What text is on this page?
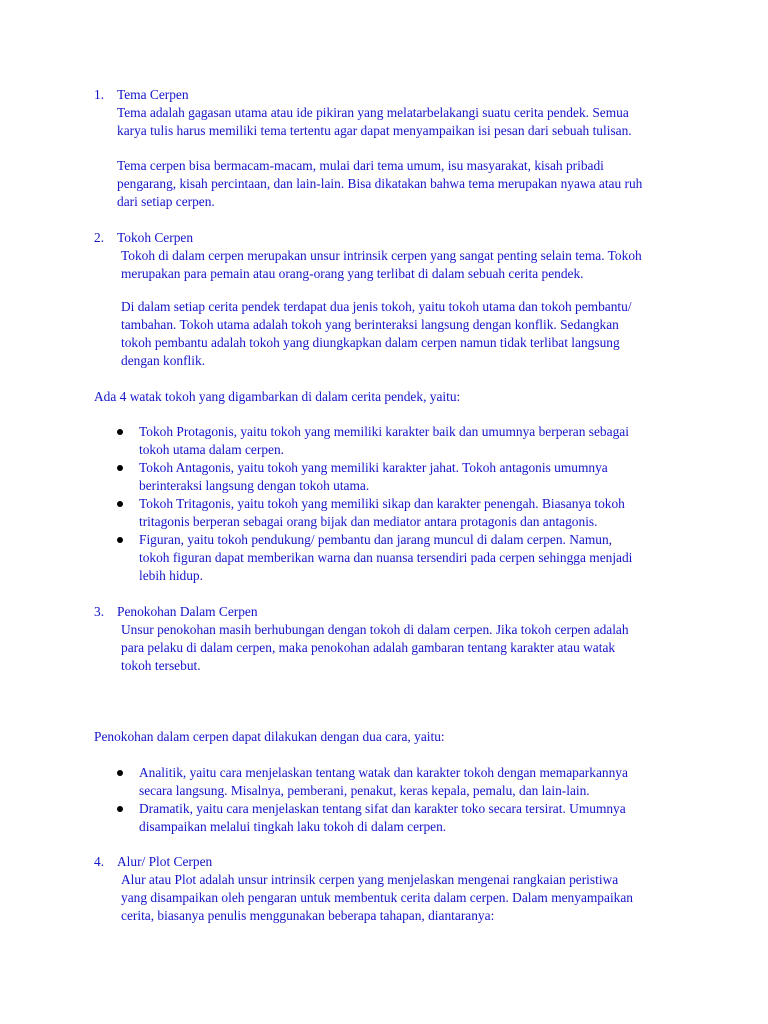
1. Tema Cerpen
Tema adalah gagasan utama atau ide pikiran yang melatarbelakangi suatu cerita pendek. Semua
karya tulis harus memiliki tema tertentu agar dapat menyampaikan isi pesan dari sebuah tulisan.
Tema cerpen bisa bermacam-macam, mulai dari tema umum, isu masyarakat, kisah pribadi
pengarang, kisah percintaan, dan lain-lain. Bisa dikatakan bahwa tema merupakan nyawa atau ruh
dari setiap cerpen.
2. Tokoh Cerpen
Tokoh di dalam cerpen merupakan unsur intrinsik cerpen yang sangat penting selain tema. Tokoh
merupakan para pemain atau orang-orang yang terlibat di dalam sebuah cerita pendek.
Di dalam setiap cerita pendek terdapat dua jenis tokoh, yaitu tokoh utama dan tokoh pembantu/
tambahan. Tokoh utama adalah tokoh yang berinteraksi langsung dengan konflik. Sedangkan
tokoh pembantu adalah tokoh yang diungkapkan dalam cerpen namun tidak terlibat langsung
dengan konflik.
Ada 4 watak tokoh yang digambarkan di dalam cerita pendek, yaitu:
Tokoh Protagonis, yaitu tokoh yang memiliki karakter baik dan umumnya berperan sebagai
tokoh utama dalam cerpen.
Tokoh Antagonis, yaitu tokoh yang memiliki karakter jahat. Tokoh antagonis umumnya
berinteraksi langsung dengan tokoh utama.
Tokoh Tritagonis, yaitu tokoh yang memiliki sikap dan karakter penengah. Biasanya tokoh
tritagonis berperan sebagai orang bijak dan mediator antara protagonis dan antagonis.
Figuran, yaitu tokoh pendukung/ pembantu dan jarang muncul di dalam cerpen. Namun,
tokoh figuran dapat memberikan warna dan nuansa tersendiri pada cerpen sehingga menjadi
lebih hidup.
3. Penokohan Dalam Cerpen
Unsur penokohan masih berhubungan dengan tokoh di dalam cerpen. Jika tokoh cerpen adalah
para pelaku di dalam cerpen, maka penokohan adalah gambaran tentang karakter atau watak
tokoh tersebut.
Penokohan dalam cerpen dapat dilakukan dengan dua cara, yaitu:
Analitik, yaitu cara menjelaskan tentang watak dan karakter tokoh dengan memaparkannya
secara langsung. Misalnya, pemberani, penakut, keras kepala, pemalu, dan lain-lain.
Dramatik, yaitu cara menjelaskan tentang sifat dan karakter toko secara tersirat. Umumnya
disampaikan melalui tingkah laku tokoh di dalam cerpen.
4. Alur/ Plot Cerpen
Alur atau Plot adalah unsur intrinsik cerpen yang menjelaskan mengenai rangkaian peristiwa
yang disampaikan oleh pengaran untuk membentuk cerita dalam cerpen. Dalam menyampaikan
cerita, biasanya penulis menggunakan beberapa tahapan, diantaranya:
